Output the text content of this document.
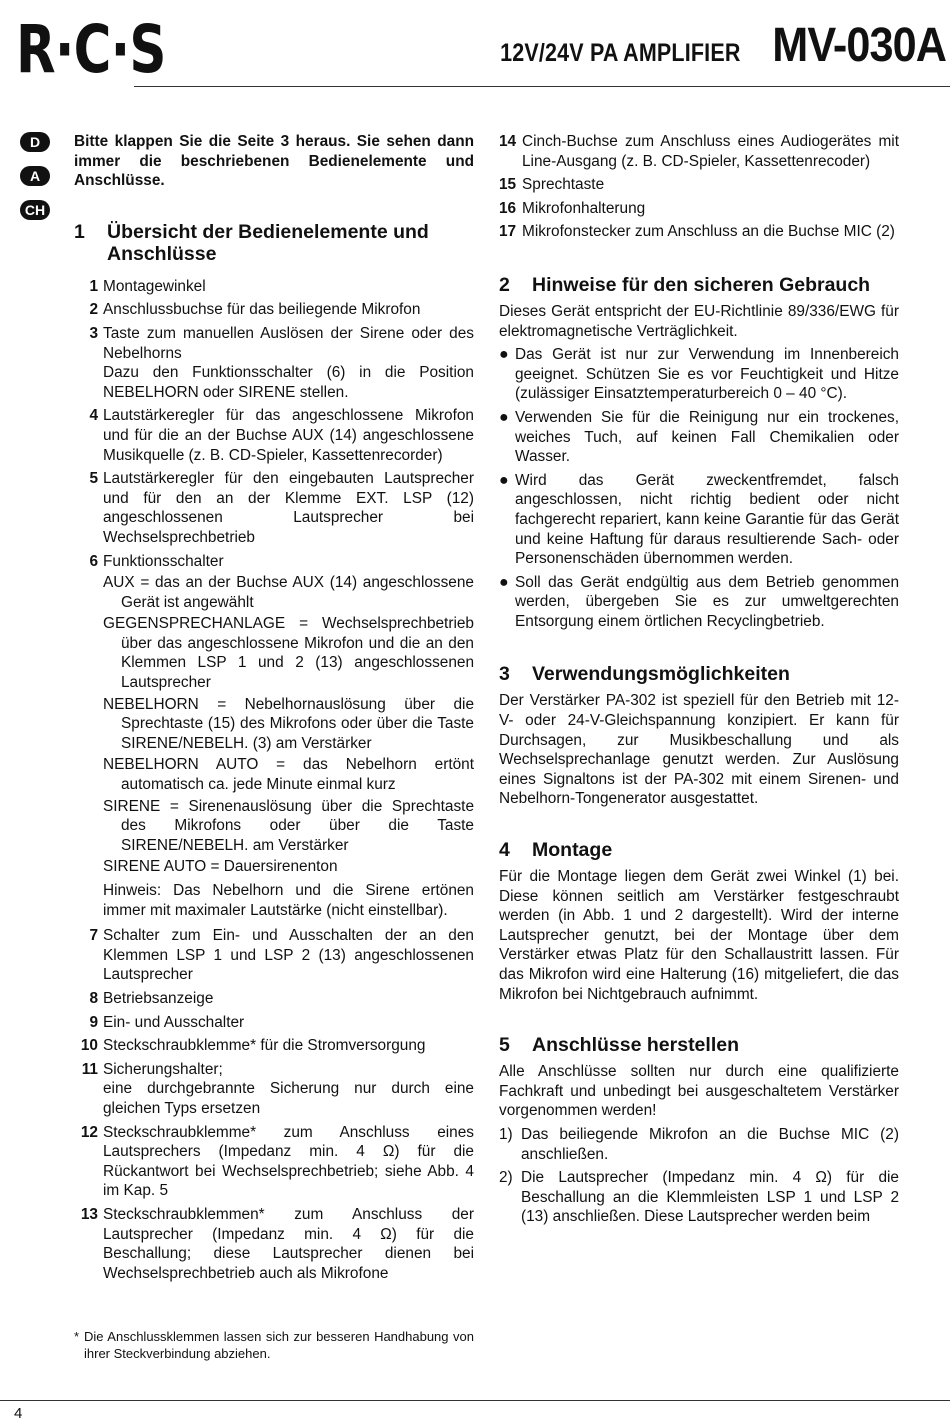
R·C·S	12V/24V PA AMPLIFIER MV-030A
D
A
CH

Bitte klappen Sie die Seite 3 heraus. Sie sehen dann immer die beschriebenen Bedienelemente und Anschlüsse.

1	Übersicht der Bedienelemente und Anschlüsse
1 Montagewinkel
2 Anschlussbuchse für das beiliegende Mikrofon
3 Taste zum manuellen Auslösen der Sirene oder des Nebelhorns
Dazu den Funktionsschalter (6) in die Position NEBELHORN oder SIRENE stellen.
4 Lautstärkeregler für das angeschlossene Mikrofon und für die an der Buchse AUX (14) angeschlossene Musikquelle (z. B. CD-Spieler, Kassettenrecorder)
5 Lautstärkeregler für den eingebauten Lautsprecher und für den an der Klemme EXT. LSP (12) angeschlossenen Lautsprecher bei Wechselsprechbetrieb
6 Funktionsschalter

AUX = das an der Buchse AUX (14) angeschlossene Gerät ist angewählt

GEGENSPRECHANLAGE = Wechselsprechbetrieb über das angeschlossene Mikrofon und die an den Klemmen LSP 1 und 2 (13) angeschlossenen Lautsprecher

NEBELHORN = Nebelhornauslösung über die Sprechtaste (15) des Mikrofons oder über die Taste SIRENE/NEBELH. (3) am Verstärker

NEBELHORN AUTO = das Nebelhorn ertönt automatisch ca. jede Minute einmal kurz

SIRENE = Sirenenauslösung über die Sprechtaste des Mikrofons oder über die Taste SIRENE/NEBELH. am Verstärker

SIRENE AUTO = Dauersirenenton

Hinweis: Das Nebelhorn und die Sirene ertönen immer mit maximaler Lautstärke (nicht einstellbar).

7 Schalter zum Ein- und Ausschalten der an den Klemmen LSP 1 und LSP 2 (13) angeschlossenen Lautsprecher
8 Betriebsanzeige
9 Ein- und Ausschalter
10 Steckschraubklemme* für die Stromversorgung
11 Sicherungshalter;
eine durchgebrannte Sicherung nur durch eine gleichen Typs ersetzen
12 Steckschraubklemme* zum Anschluss eines Lautsprechers (Impedanz min. 4 Ω) für die Rückantwort bei Wechselsprechbetrieb; siehe Abb. 4 im Kap. 5
13 Steckschraubklemmen* zum Anschluss der Lautsprecher (Impedanz min. 4 Ω) für die Beschallung; diese Lautsprecher dienen bei Wechselsprechbetrieb auch als Mikrofone
14 Cinch-Buchse zum Anschluss eines Audiogerätes mit Line-Ausgang (z. B. CD-Spieler, Kassettenrecoder)
15 Sprechtaste
16 Mikrofonhalterung
17 Mikrofonstecker zum Anschluss an die Buchse MIC (2)
2	Hinweise für den sicheren Gebrauch

Dieses Gerät entspricht der EU-Richtlinie 89/336/EWG für elektromagnetische Verträglichkeit.

● Das Gerät ist nur zur Verwendung im Innenbereich geeignet. Schützen Sie es vor Feuchtigkeit und Hitze (zulässiger Einsatztemperaturbereich 0 – 40 °C).
● Verwenden Sie für die Reinigung nur ein trockenes, weiches Tuch, auf keinen Fall Chemikalien oder Wasser.
● Wird das Gerät zweckentfremdet, falsch angeschlossen, nicht richtig bedient oder nicht fachgerecht repariert, kann keine Garantie für das Gerät und keine Haftung für daraus resultierende Sach- oder Personenschäden übernommen werden.
● Soll das Gerät endgültig aus dem Betrieb genommen werden, übergeben Sie es zur umweltgerechten Entsorgung einem örtlichen Recyclingbetrieb.
3	Verwendungsmöglichkeiten

Der Verstärker PA-302 ist speziell für den Betrieb mit 12-V- oder 24-V-Gleichspannung konzipiert. Er kann für Durchsagen, zur Musikbeschallung und als Wechselsprechanlage genutzt werden. Zur Auslösung eines Signaltons ist der PA-302 mit einem Sirenen- und Nebelhorn-Tongenerator ausgestattet.

4	Montage

Für die Montage liegen dem Gerät zwei Winkel (1) bei. Diese können seitlich am Verstärker festgeschraubt werden (in Abb. 1 und 2 dargestellt). Wird der interne Lautsprecher genutzt, bei der Montage über dem Verstärker etwas Platz für den Schallaustritt lassen. Für das Mikrofon wird eine Halterung (16) mitgeliefert, die das Mikrofon bei Nichtgebrauch aufnimmt.

5	Anschlüsse herstellen

Alle Anschlüsse sollten nur durch eine qualifizierte Fachkraft und unbedingt bei ausgeschaltetem Verstärker vorgenommen werden!

1) Das beiliegende Mikrofon an die Buchse MIC (2) anschließen.
2) Die Lautsprecher (Impedanz min. 4 Ω) für die Beschallung an die Klemmleisten LSP 1 und LSP 2 (13) anschließen. Diese Lautsprecher werden beim
* Die Anschlussklemmen lassen sich zur besseren Handhabung von ihrer Steckverbindung abziehen.
4
